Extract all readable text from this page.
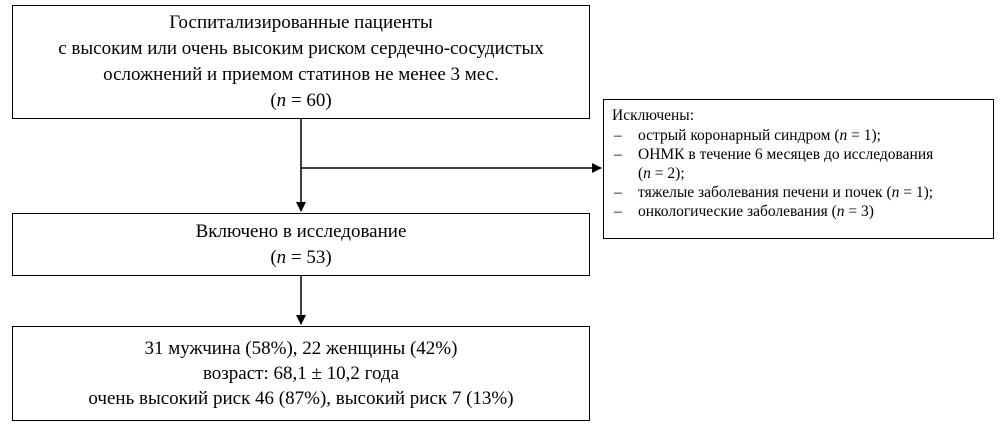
Госпитализированные пациенты
с высоким или очень высоким риском сердечно-сосудистых
осложнений и приемом статинов не менее 3 мес.
(n = 60)
Исключены:
– острый коронарный синдром (n = 1);
– ОНМК в течение 6 месяцев до исследования
(n = 2);
– тяжелые заболевания печени и почек (n = 1);
– онкологические заболевания (n = 3)
Включено в исследование
(n = 53)
31 мужчина (58%), 22 женщины (42%)
возраст: 68,1 ± 10,2 года
очень высокий риск 46 (87%), высокий риск 7 (13%)
